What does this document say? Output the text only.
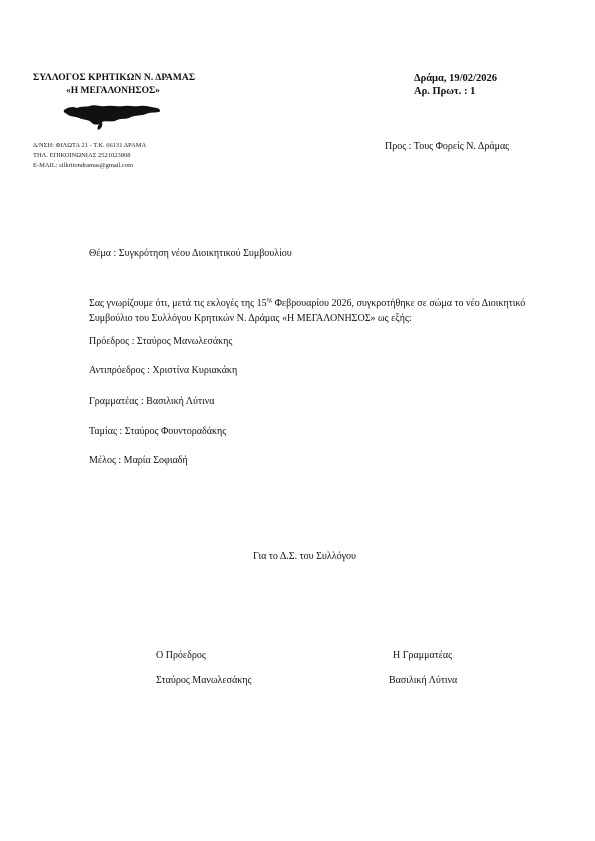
ΣΥΛΛΟΓΟΣ ΚΡΗΤΙΚΩΝ Ν. ΔΡΑΜΑΣ
«Η ΜΕΓΑΛΟΝΗΣΟΣ»
Δράμα, 19/02/2026
Αρ. Πρωτ. : 1
Δ/ΝΣΗ: ΦΙΛΩΤΑ 21 - Τ.Κ. 66131 ΔΡΑΜΑ
ΤΗΛ. ΕΠΙΚΟΙΝΩΝΙΑΣ 2521023808
E-MAIL: silkritondramas@gmail.com
Προς : Τους Φορείς Ν. Δράμας
Θέμα : Συγκρότηση νέου Διοικητικού Συμβουλίου
Σας γνωρίζουμε ότι, μετά τις εκλογές της $15^{\eta\varsigma}$ Φεβρουαρίου 2026, συγκροτήθηκε σε σώμα το νέο Διοικητικό Συμβούλιο του Συλλόγου Κρητικών Ν. Δράμας «Η ΜΕΓΑΛΟΝΗΣΟΣ» ως εξής:
Πρόεδρος : Σταύρος Μανωλεσάκης
Αντιπρόεδρος : Χριστίνα Κυριακάκη
Γραμματέας : Βασιλική Λύτινα
Ταμίας : Σταύρος Φουντοραδάκης
Μέλος : Μαρία Σοφιαδή
Για το Δ.Σ. του Συλλόγου
Ο Πρόεδρος
Σταύρος Μανωλεσάκης
Η Γραμματέας
Βασιλική Λύτινα
